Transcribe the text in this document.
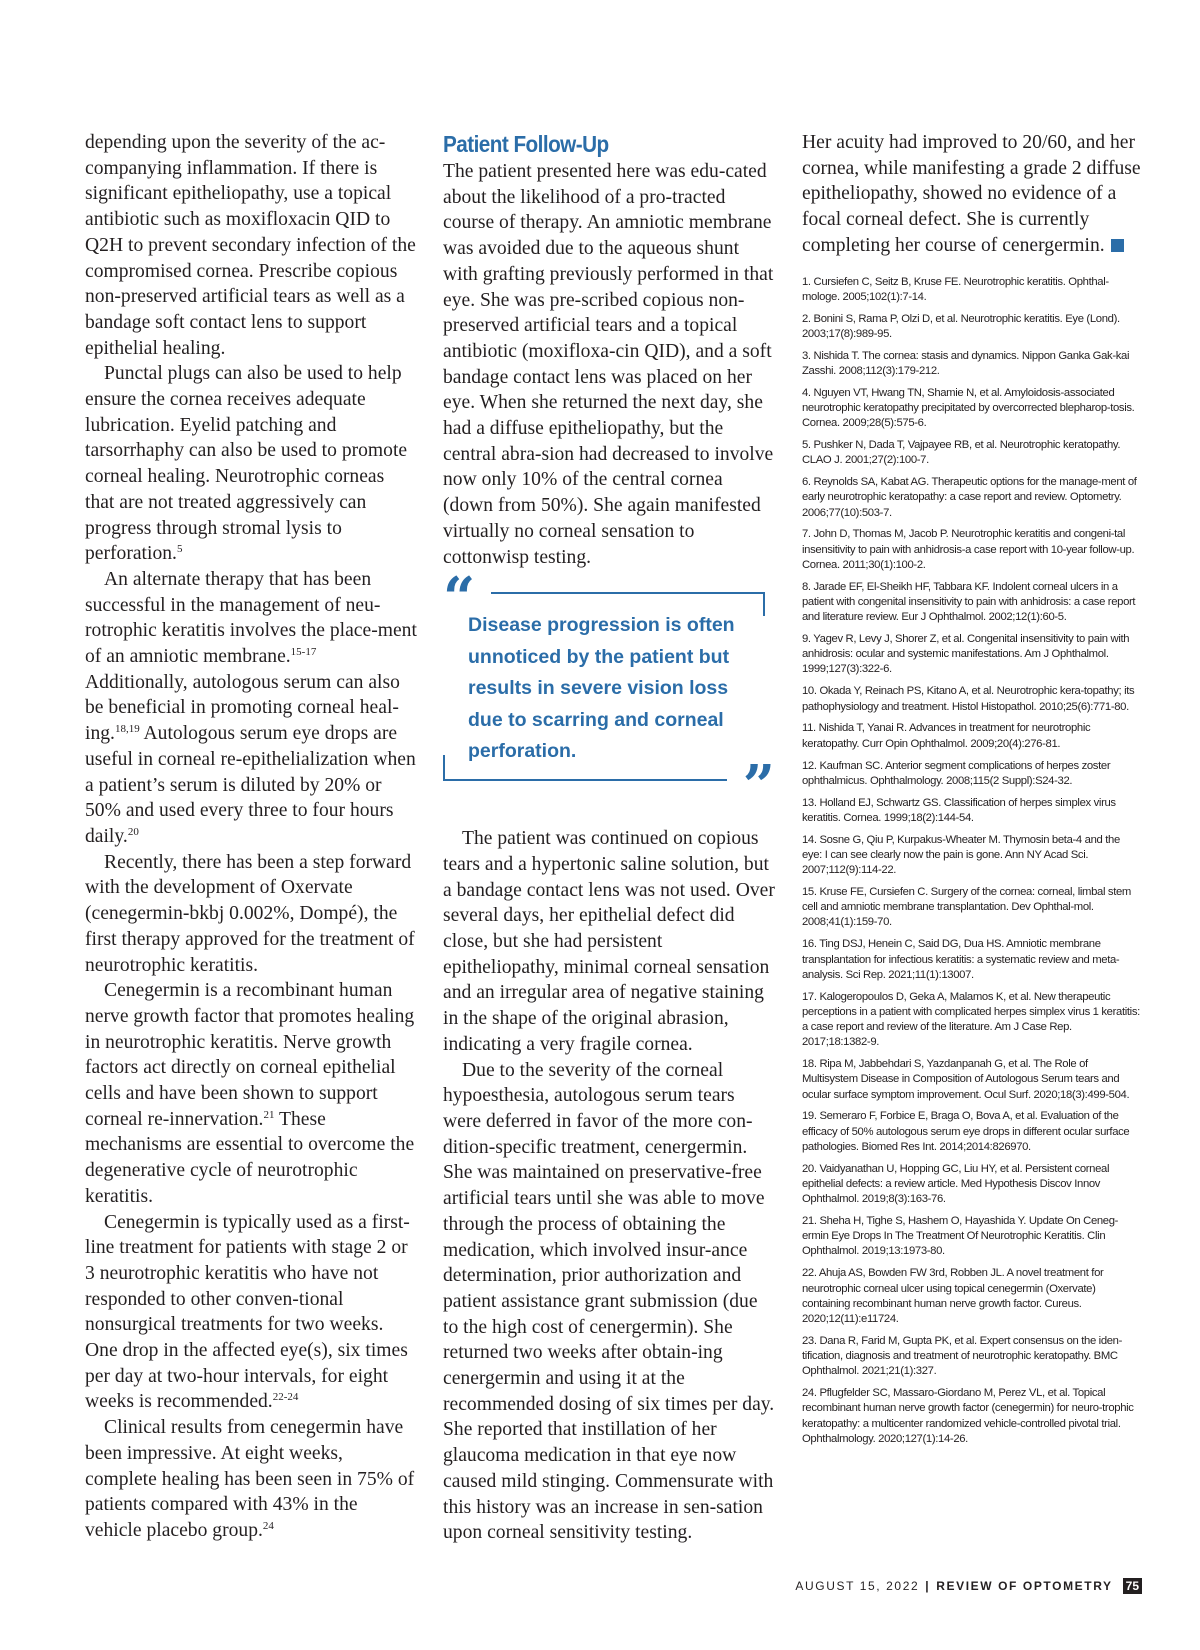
depending upon the severity of the ac-companying inflammation. If there is significant epitheliopathy, use a topical antibiotic such as moxifloxacin QID to Q2H to prevent secondary infection of the compromised cornea. Prescribe copious non-preserved artificial tears as well as a bandage soft contact lens to support epithelial healing.

Punctal plugs can also be used to help ensure the cornea receives adequate lubrication. Eyelid patching and tarsorrhaphy can also be used to promote corneal healing. Neurotrophic corneas that are not treated aggressively can progress through stromal lysis to perforation.$^5$

An alternate therapy that has been successful in the management of neu-rotrophic keratitis involves the place-ment of an amniotic membrane.$^{15-17}$ Additionally, autologous serum can also be beneficial in promoting corneal heal-ing.$^{18,19}$ Autologous serum eye drops are useful in corneal re-epithelialization when a patient’s serum is diluted by 20% or 50% and used every three to four hours daily.$^{20}$

Recently, there has been a step forward with the development of Oxervate (cenegermin-bkbj 0.002%, Dompé), the first therapy approved for the treatment of neurotrophic keratitis.

Cenegermin is a recombinant human nerve growth factor that promotes healing in neurotrophic keratitis. Nerve growth factors act directly on corneal epithelial cells and have been shown to support corneal re-innervation.$^{21}$ These mechanisms are essential to overcome the degenerative cycle of neurotrophic keratitis.

Cenegermin is typically used as a first-line treatment for patients with stage 2 or 3 neurotrophic keratitis who have not responded to other conven-tional nonsurgical treatments for two weeks. One drop in the affected eye(s), six times per day at two-hour intervals, for eight weeks is recommended.$^{22-24}$

Clinical results from cenegermin have been impressive. At eight weeks, complete healing has been seen in 75% of patients compared with 43% in the vehicle placebo group.$^{24}$

Patient Follow-Up

The patient presented here was edu-cated about the likelihood of a pro-tracted course of therapy. An amniotic membrane was avoided due to the aqueous shunt with grafting previously performed in that eye. She was pre-scribed copious non-preserved artificial tears and a topical antibiotic (moxifloxa-cin QID), and a soft bandage contact lens was placed on her eye. When she returned the next day, she had a diffuse epitheliopathy, but the central abra-sion had decreased to involve now only 10% of the central cornea (down from 50%). She again manifested virtually no corneal sensation to cottonwisp testing.

“

Disease progression is often unnoticed by the patient but results in severe vision loss due to scarring and corneal perforation.

”

The patient was continued on copious tears and a hypertonic saline solution, but a bandage contact lens was not used. Over several days, her epithelial defect did close, but she had persistent epitheliopathy, minimal corneal sensation and an irregular area of negative staining in the shape of the original abrasion, indicating a very fragile cornea.

Due to the severity of the corneal hypoesthesia, autologous serum tears were deferred in favor of the more con-dition-specific treatment, cenergermin. She was maintained on preservative-free artificial tears until she was able to move through the process of obtaining the medication, which involved insur-ance determination, prior authorization and patient assistance grant submission (due to the high cost of cenergermin). She returned two weeks after obtain-ing cenergermin and using it at the recommended dosing of six times per day. She reported that instillation of her glaucoma medication in that eye now caused mild stinging. Commensurate with this history was an increase in sen-sation upon corneal sensitivity testing.

Her acuity had improved to 20/60, and her cornea, while manifesting a grade 2 diffuse epitheliopathy, showed no evidence of a focal corneal defect. She is currently completing her course of cenergermin.

1. Cursiefen C, Seitz B, Kruse FE. Neurotrophic keratitis. Ophthal-mologe. 2005;102(1):7-14.
2. Bonini S, Rama P, Olzi D, et al. Neurotrophic keratitis. Eye (Lond). 2003;17(8):989-95.
3. Nishida T. The cornea: stasis and dynamics. Nippon Ganka Gak-kai Zasshi. 2008;112(3):179-212.
4. Nguyen VT, Hwang TN, Shamie N, et al. Amyloidosis-associated neurotrophic keratopathy precipitated by overcorrected blepharop-tosis. Cornea. 2009;28(5):575-6.
5. Pushker N, Dada T, Vajpayee RB, et al. Neurotrophic keratopathy. CLAO J. 2001;27(2):100-7.
6. Reynolds SA, Kabat AG. Therapeutic options for the manage-ment of early neurotrophic keratopathy: a case report and review. Optometry. 2006;77(10):503-7.
7. John D, Thomas M, Jacob P. Neurotrophic keratitis and congeni-tal insensitivity to pain with anhidrosis-a case report with 10-year follow-up. Cornea. 2011;30(1):100-2.
8. Jarade EF, El-Sheikh HF, Tabbara KF. Indolent corneal ulcers in a patient with congenital insensitivity to pain with anhidrosis: a case report and literature review. Eur J Ophthalmol. 2002;12(1):60-5.
9. Yagev R, Levy J, Shorer Z, et al. Congenital insensitivity to pain with anhidrosis: ocular and systemic manifestations. Am J Ophthalmol. 1999;127(3):322-6.
10. Okada Y, Reinach PS, Kitano A, et al. Neurotrophic kera-topathy; its pathophysiology and treatment. Histol Histopathol. 2010;25(6):771-80.
11. Nishida T, Yanai R. Advances in treatment for neurotrophic keratopathy. Curr Opin Ophthalmol. 2009;20(4):276-81.
12. Kaufman SC. Anterior segment complications of herpes zoster ophthalmicus. Ophthalmology. 2008;115(2 Suppl):S24-32.
13. Holland EJ, Schwartz GS. Classification of herpes simplex virus keratitis. Cornea. 1999;18(2):144-54.
14. Sosne G, Qiu P, Kurpakus-Wheater M. Thymosin beta-4 and the eye: I can see clearly now the pain is gone. Ann NY Acad Sci. 2007;112(9):114-22.
15. Kruse FE, Cursiefen C. Surgery of the cornea: corneal, limbal stem cell and amniotic membrane transplantation. Dev Ophthal-mol. 2008;41(1):159-70.
16. Ting DSJ, Henein C, Said DG, Dua HS. Amniotic membrane transplantation for infectious keratitis: a systematic review and meta-analysis. Sci Rep. 2021;11(1):13007.
17. Kalogeropoulos D, Geka A, Malamos K, et al. New therapeutic perceptions in a patient with complicated herpes simplex virus 1 keratitis: a case report and review of the literature. Am J Case Rep. 2017;18:1382-9.
18. Ripa M, Jabbehdari S, Yazdanpanah G, et al. The Role of Multisystem Disease in Composition of Autologous Serum tears and ocular surface symptom improvement. Ocul Surf. 2020;18(3):499-504.
19. Semeraro F, Forbice E, Braga O, Bova A, et al. Evaluation of the efficacy of 50% autologous serum eye drops in different ocular surface pathologies. Biomed Res Int. 2014;2014:826970.
20. Vaidyanathan U, Hopping GC, Liu HY, et al. Persistent corneal epithelial defects: a review article. Med Hypothesis Discov Innov Ophthalmol. 2019;8(3):163-76.
21. Sheha H, Tighe S, Hashem O, Hayashida Y. Update On Ceneg-ermin Eye Drops In The Treatment Of Neurotrophic Keratitis. Clin Ophthalmol. 2019;13:1973-80.
22. Ahuja AS, Bowden FW 3rd, Robben JL. A novel treatment for neurotrophic corneal ulcer using topical cenegermin (Oxervate) containing recombinant human nerve growth factor. Cureus. 2020;12(11):e11724.
23. Dana R, Farid M, Gupta PK, et al. Expert consensus on the iden-tification, diagnosis and treatment of neurotrophic keratopathy. BMC Ophthalmol. 2021;21(1):327.
24. Pflugfelder SC, Massaro-Giordano M, Perez VL, et al. Topical recombinant human nerve growth factor (cenegermin) for neuro-trophic keratopathy: a multicenter randomized vehicle-controlled pivotal trial. Ophthalmology. 2020;127(1):14-26.
AUGUST 15, 2022 | REVIEW OF OPTOMETRY 75
